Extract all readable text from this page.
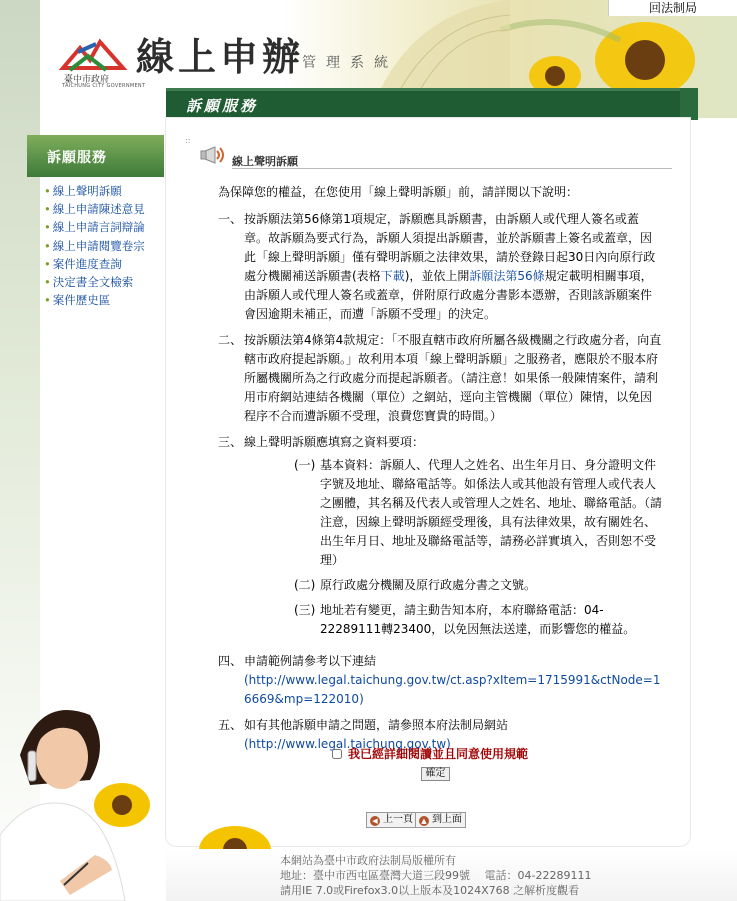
回法制局
臺中市政府
TAICHUNG CITY GOVERNMENT
線上申辦
管理系統
訴願服務
訴願服務
• 線上聲明訴願
• 線上申請陳述意見
• 線上申請言詞辯論
• 線上申請閱覽卷宗
• 案件進度查詢
• 決定書全文檢索
• 案件歷史區
::
線上聲明訴願
為保障您的權益，在您使用「線上聲明訴願」前，請詳閱以下說明：
一、 按訴願法第56條第1項規定，訴願應具訴願書，由訴願人或代理人簽名或蓋章。故訴願為要式行為，訴願人須提出訴願書，並於訴願書上簽名或蓋章，因此「線上聲明訴願」僅有聲明訴願之法律效果，請於登錄日起30日內向原行政處分機關補送訴願書(表格下載)，並依上開訴願法第56條規定載明相關事項，由訴願人或代理人簽名或蓋章，併附原行政處分書影本憑辦，否則該訴願案件會因逾期未補正，而遭「訴願不受理」的決定。
二、 按訴願法第4條第4款規定：「不服直轄市政府所屬各級機關之行政處分者，向直轄市政府提起訴願。」故利用本項「線上聲明訴願」之服務者，應限於不服本府所屬機關所為之行政處分而提起訴願者。（請注意！如果係一般陳情案件，請利用市府網站連結各機關（單位）之網站，逕向主管機關（單位）陳情，以免因程序不合而遭訴願不受理，浪費您寶貴的時間。）
三、 線上聲明訴願應填寫之資料要項：
(一) 基本資料：訴願人、代理人之姓名、出生年月日、身分證明文件字號及地址、聯絡電話等。如係法人或其他設有管理人或代表人之團體，其名稱及代表人或管理人之姓名、地址、聯絡電話。（請注意，因線上聲明訴願經受理後，具有法律效果，故有關姓名、出生年月日、地址及聯絡電話等，請務必詳實填入，否則恕不受理）
(二) 原行政處分機關及原行政處分書之文號。
(三) 地址若有變更，請主動告知本府，本府聯絡電話：04-22289111轉23400，以免因無法送達，而影響您的權益。
四、 申請範例請參考以下連結
(http://www.legal.taichung.gov.tw/ct.asp?xItem=1715991&ctNode=16669&mp=122010)
五、 如有其他訴願申請之問題，請參照本府法制局網站
(http://www.legal.taichung.gov.tw)
我已經詳細閱讀並且同意使用規範
確定
◀ 上一頁	▲ 到上面
本網站為臺中市政府法制局版權所有
地址：臺中市西屯區臺灣大道三段99號　 電話：04-22289111
請用IE 7.0或Firefox3.0以上版本及1024X768 之解析度觀看
